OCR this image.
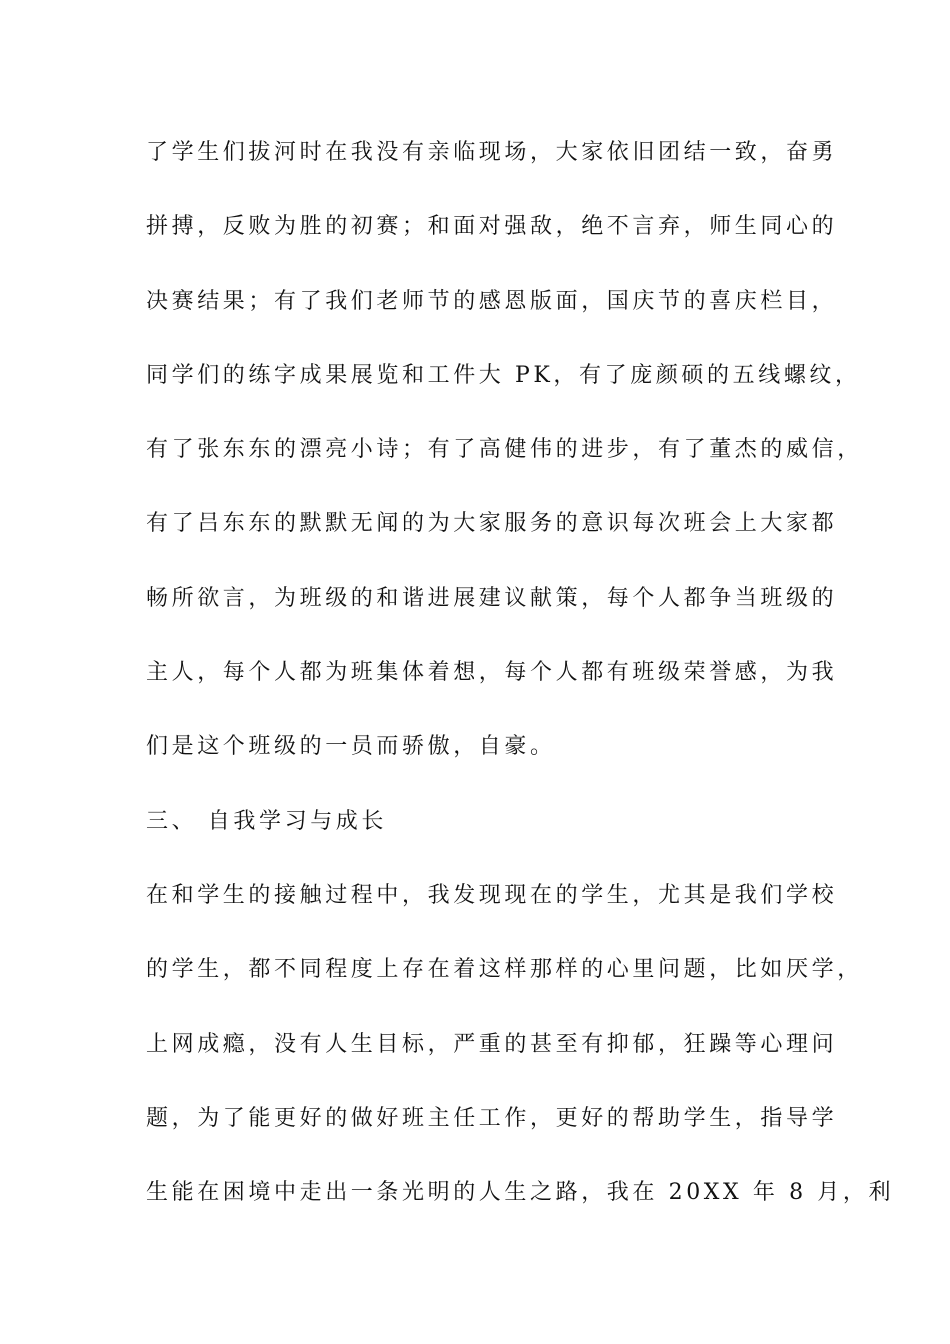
了学生们拔河时在我没有亲临现场，大家依旧团结一致，奋勇
拼搏，反败为胜的初赛；和面对强敌，绝不言弃，师生同心的
决赛结果；有了我们老师节的感恩版面，国庆节的喜庆栏目，
同学们的练字成果展览和工件大 PK，有了庞颜硕的五线螺纹，
有了张东东的漂亮小诗；有了高健伟的进步，有了董杰的威信，
有了吕东东的默默无闻的为大家服务的意识每次班会上大家都
畅所欲言，为班级的和谐进展建议献策，每个人都争当班级的
主人，每个人都为班集体着想，每个人都有班级荣誉感，为我
们是这个班级的一员而骄傲，自豪。
三、 自我学习与成长
在和学生的接触过程中，我发现现在的学生，尤其是我们学校
的学生，都不同程度上存在着这样那样的心里问题，比如厌学，
上网成瘾，没有人生目标，严重的甚至有抑郁，狂躁等心理问
题，为了能更好的做好班主任工作，更好的帮助学生，指导学
生能在困境中走出一条光明的人生之路，我在 20XX 年 8 月，利
